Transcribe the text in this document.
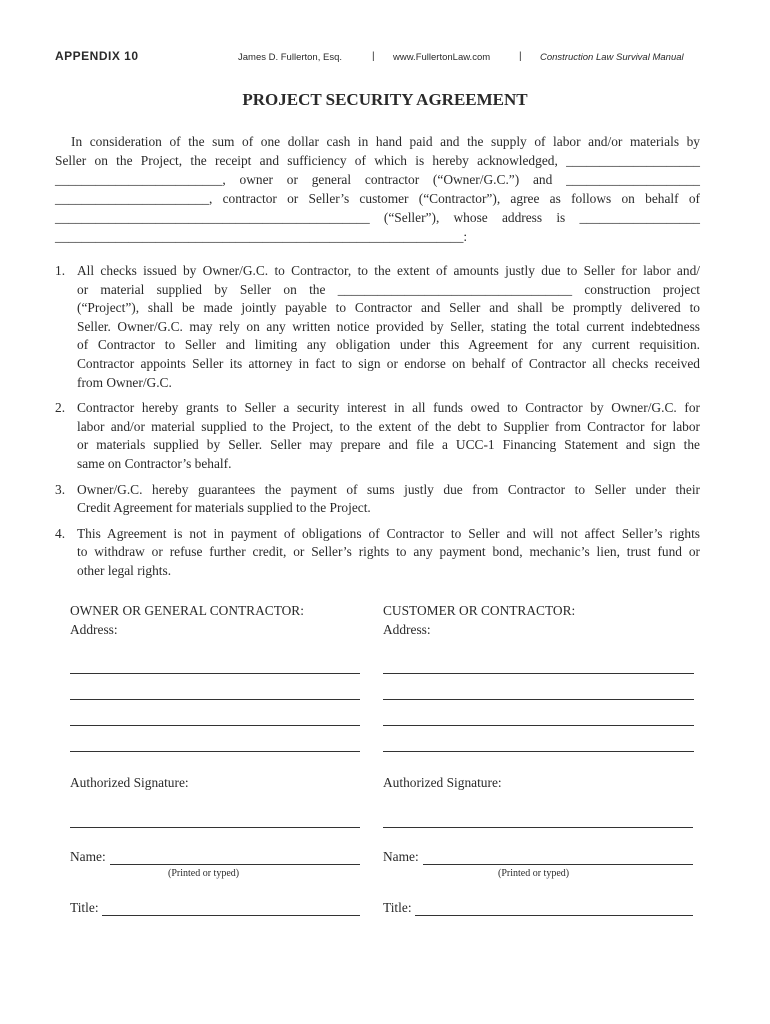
APPENDIX 10	James D. Fullerton, Esq.	| www.FullertonLaw.com	| Construction Law Survival Manual
PROJECT SECURITY AGREEMENT
In consideration of the sum of one dollar cash in hand paid and the supply of labor and/or materials by
Seller on the Project, the receipt and sufficiency of which is hereby acknowledged, ____________________
_________________________, owner or general contractor (“Owner/G.C.”) and ____________________
_______________________, contractor or Seller’s customer (“Contractor”), agree as follows on behalf of
_______________________________________________ (“Seller”), whose address is __________________
_____________________________________________________________:
1. All checks issued by Owner/G.C. to Contractor, to the extent of amounts justly due to Seller for labor and/
or material supplied by Seller on the ___________________________________ construction project
(“Project”), shall be made jointly payable to Contractor and Seller and shall be promptly delivered to
Seller. Owner/G.C. may rely on any written notice provided by Seller, stating the total current indebtedness
of Contractor to Seller and limiting any obligation under this Agreement for any current requisition.
Contractor appoints Seller its attorney in fact to sign or endorse on behalf of Contractor all checks received
from Owner/G.C.
2. Contractor hereby grants to Seller a security interest in all funds owed to Contractor by Owner/G.C. for
labor and/or material supplied to the Project, to the extent of the debt to Supplier from Contractor for labor
or materials supplied by Seller. Seller may prepare and file a UCC-1 Financing Statement and sign the
same on Contractor’s behalf.
3. Owner/G.C. hereby guarantees the payment of sums justly due from Contractor to Seller under their
Credit Agreement for materials supplied to the Project.
4. This Agreement is not in payment of obligations of Contractor to Seller and will not affect Seller’s rights
to withdraw or refuse further credit, or Seller’s rights to any payment bond, mechanic’s lien, trust fund or
other legal rights.
OWNER OR GENERAL CONTRACTOR:
Address:
Authorized Signature:
Name:
(Printed or typed)
Title:
CUSTOMER OR CONTRACTOR:
Address:
Authorized Signature:
Name:
(Printed or typed)
Title:
